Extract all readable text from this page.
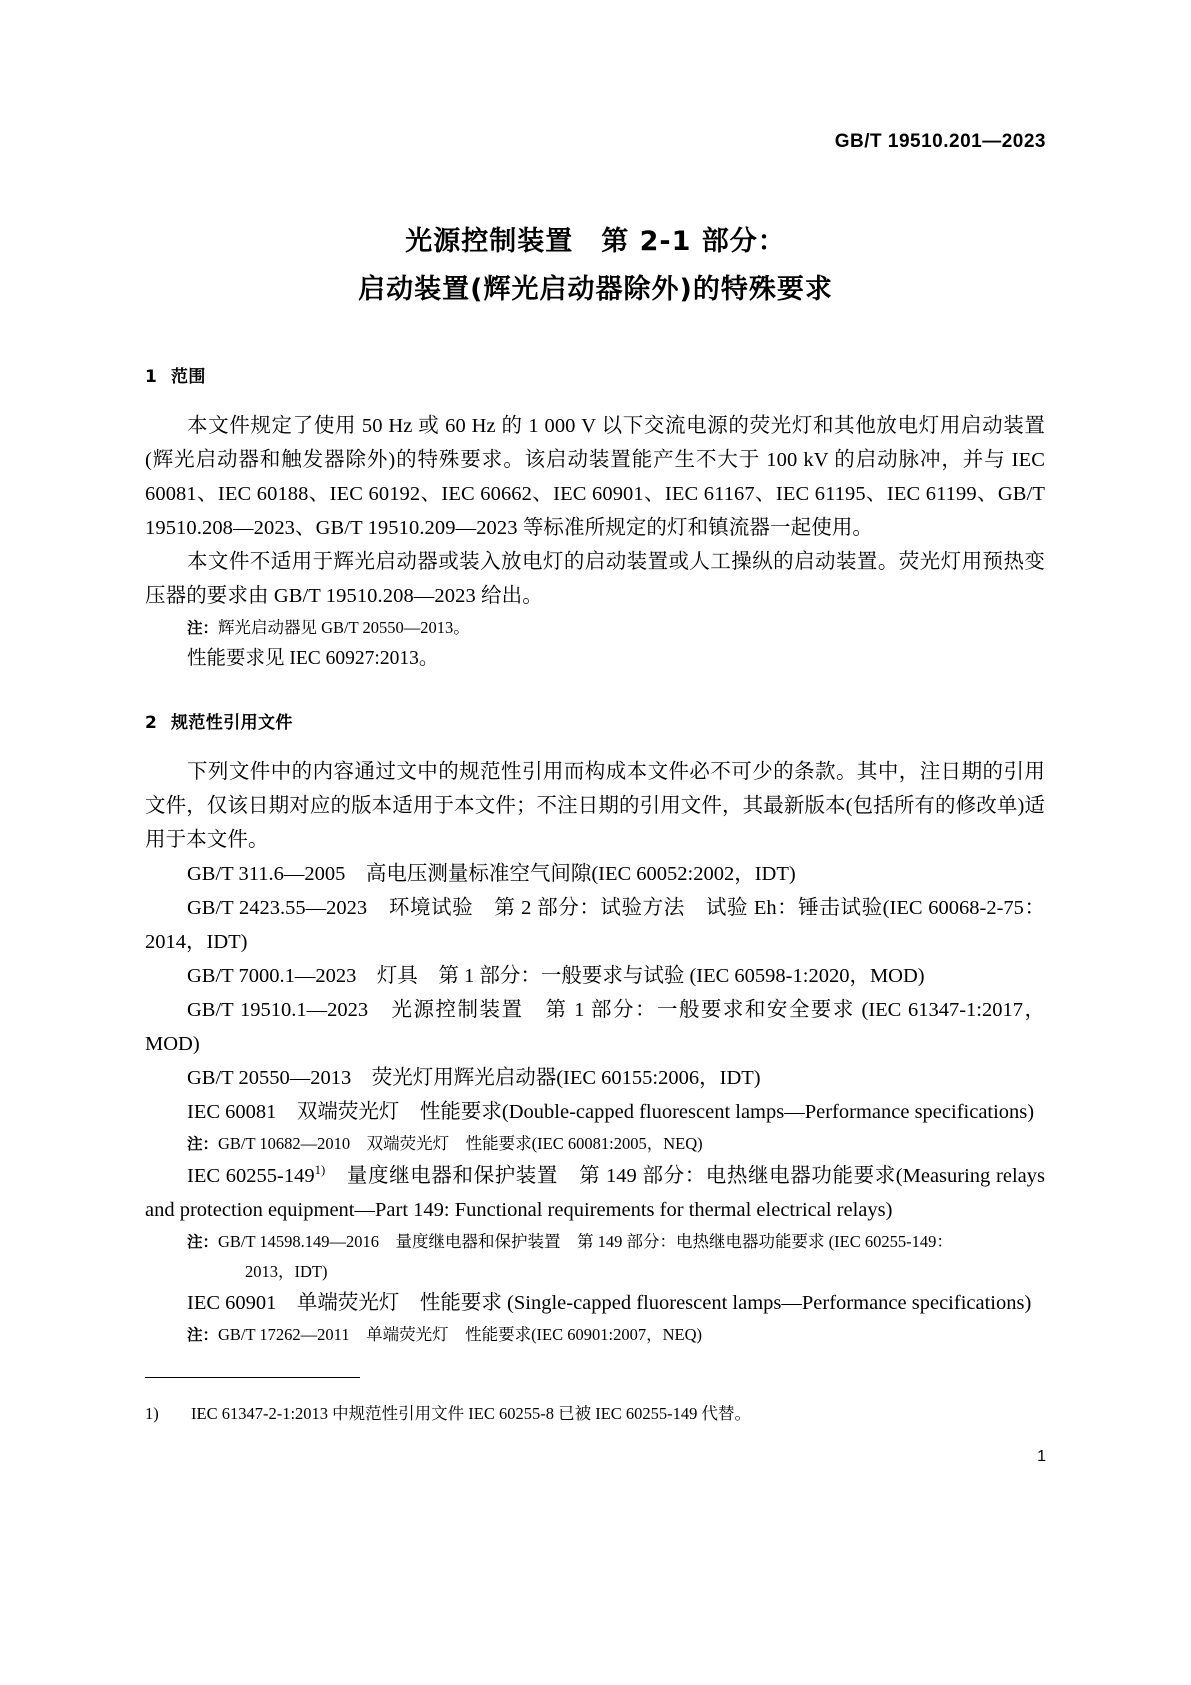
GB/T 19510.201—2023
光源控制装置　第 2-1 部分：
启动装置(辉光启动器除外)的特殊要求
1 范围

本文件规定了使用 50 Hz 或 60 Hz 的 1 000 V 以下交流电源的荧光灯和其他放电灯用启动装置(辉光启动器和触发器除外)的特殊要求。该启动装置能产生不大于 100 kV 的启动脉冲，并与 IEC 60081、IEC 60188、IEC 60192、IEC 60662、IEC 60901、IEC 61167、IEC 61195、IEC 61199、GB/T 19510.208—2023、GB/T 19510.209—2023 等标准所规定的灯和镇流器一起使用。

本文件不适用于辉光启动器或装入放电灯的启动装置或人工操纵的启动装置。荧光灯用预热变压器的要求由 GB/T 19510.208—2023 给出。

注：辉光启动器见 GB/T 20550—2013。

性能要求见 IEC 60927:2013。

2 规范性引用文件

下列文件中的内容通过文中的规范性引用而构成本文件必不可少的条款。其中，注日期的引用文件，仅该日期对应的版本适用于本文件；不注日期的引用文件，其最新版本(包括所有的修改单)适用于本文件。

GB/T 311.6—2005　高电压测量标准空气间隙(IEC 60052:2002，IDT)

GB/T 2423.55—2023　环境试验　第 2 部分：试验方法　试验 Eh：锤击试验(IEC 60068-2-75：2014，IDT)

GB/T 7000.1—2023　灯具　第 1 部分：一般要求与试验 (IEC 60598-1:2020，MOD)

GB/T 19510.1—2023　光源控制装置　第 1 部分：一般要求和安全要求 (IEC 61347-1:2017，MOD)

GB/T 20550—2013　荧光灯用辉光启动器(IEC 60155:2006，IDT)

IEC 60081　双端荧光灯　性能要求(Double-capped fluorescent lamps—Performance specifications)

注：GB/T 10682—2010　双端荧光灯　性能要求(IEC 60081:2005，NEQ)

IEC 60255-149$^{1)}$　量度继电器和保护装置　第 149 部分：电热继电器功能要求(Measuring relays and protection equipment—Part 149: Functional requirements for thermal electrical relays)

注：GB/T 14598.149—2016　量度继电器和保护装置　第 149 部分：电热继电器功能要求 (IEC 60255-149：

2013，IDT)

IEC 60901　单端荧光灯　性能要求 (Single-capped fluorescent lamps—Performance specifications)

注：GB/T 17262—2011　单端荧光灯　性能要求(IEC 60901:2007，NEQ)

1) IEC 61347-2-1:2013 中规范性引用文件 IEC 60255-8 已被 IEC 60255-149 代替。
1
